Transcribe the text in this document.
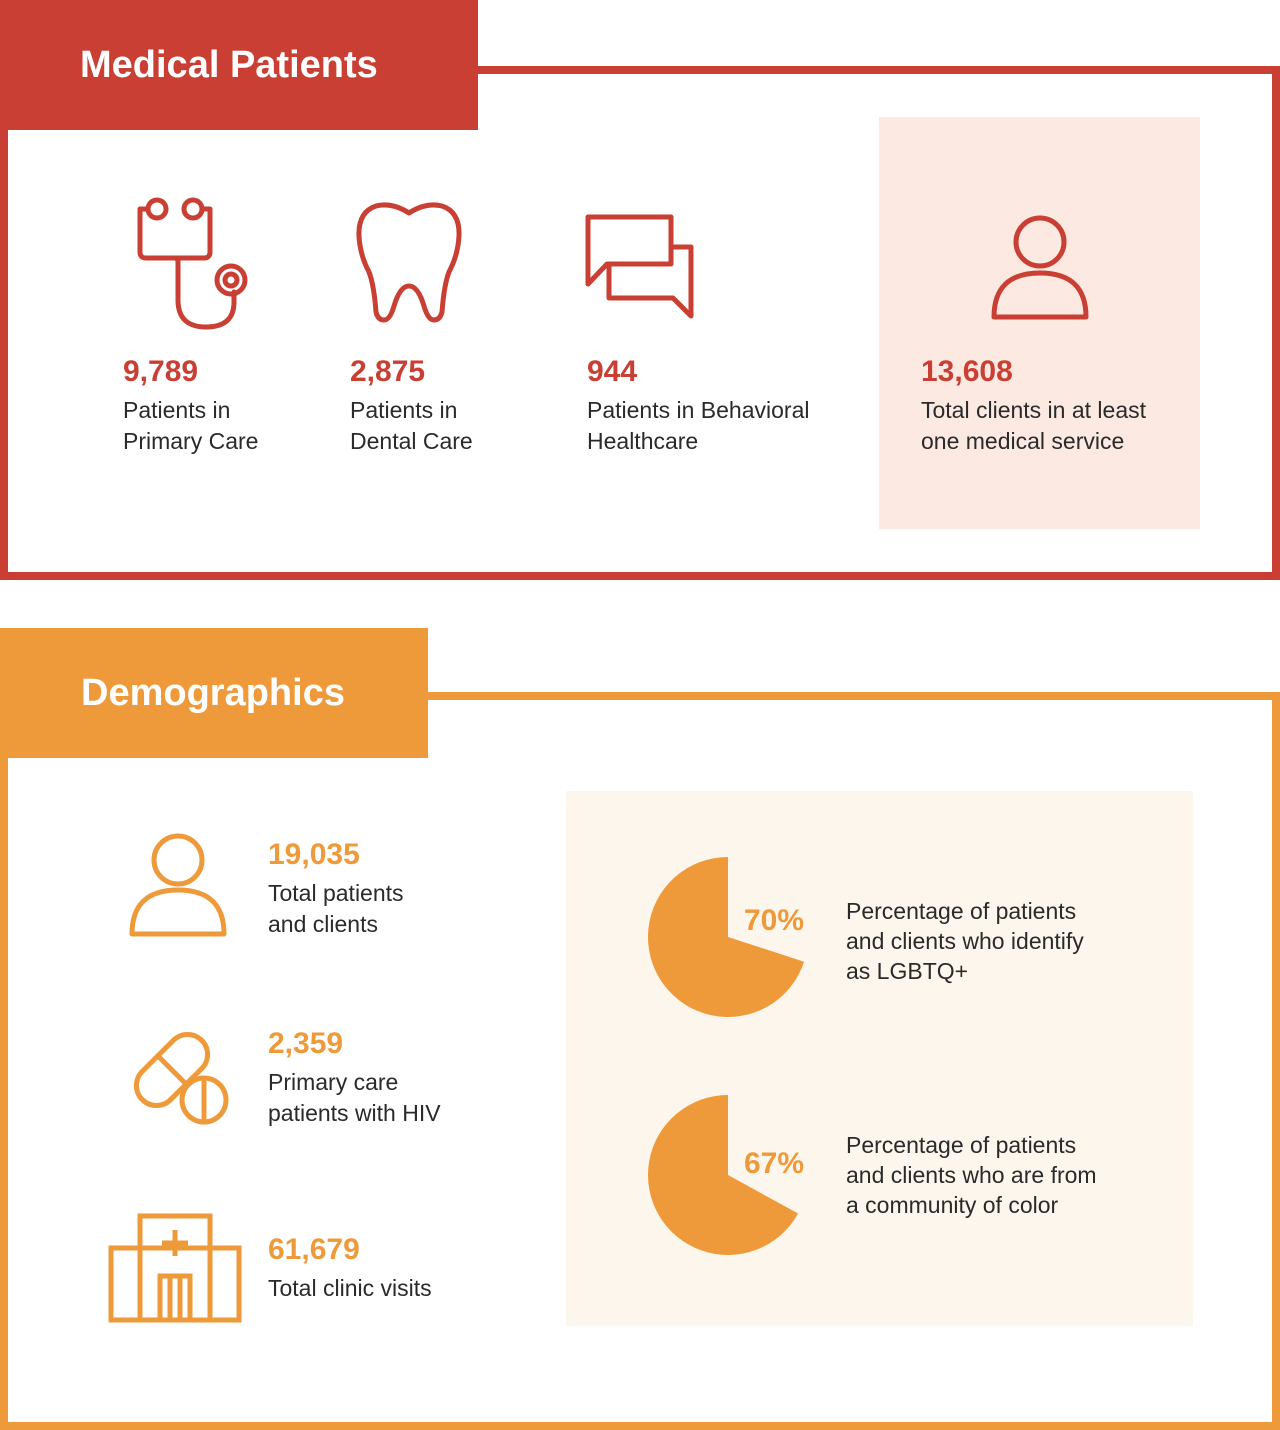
Medical Patients
9,789
Patients in
Primary Care
2,875
Patients in
Dental Care
944
Patients in Behavioral
Healthcare
13,608
Total clients in at least
one medical service
Demographics
19,035
Total patients
and clients
2,359
Primary care
patients with HIV
61,679
Total clinic visits
70% Percentage of patients
and clients who identify
as LGBTQ+
67%
Percentage of patients
and clients who are from
a community of color
